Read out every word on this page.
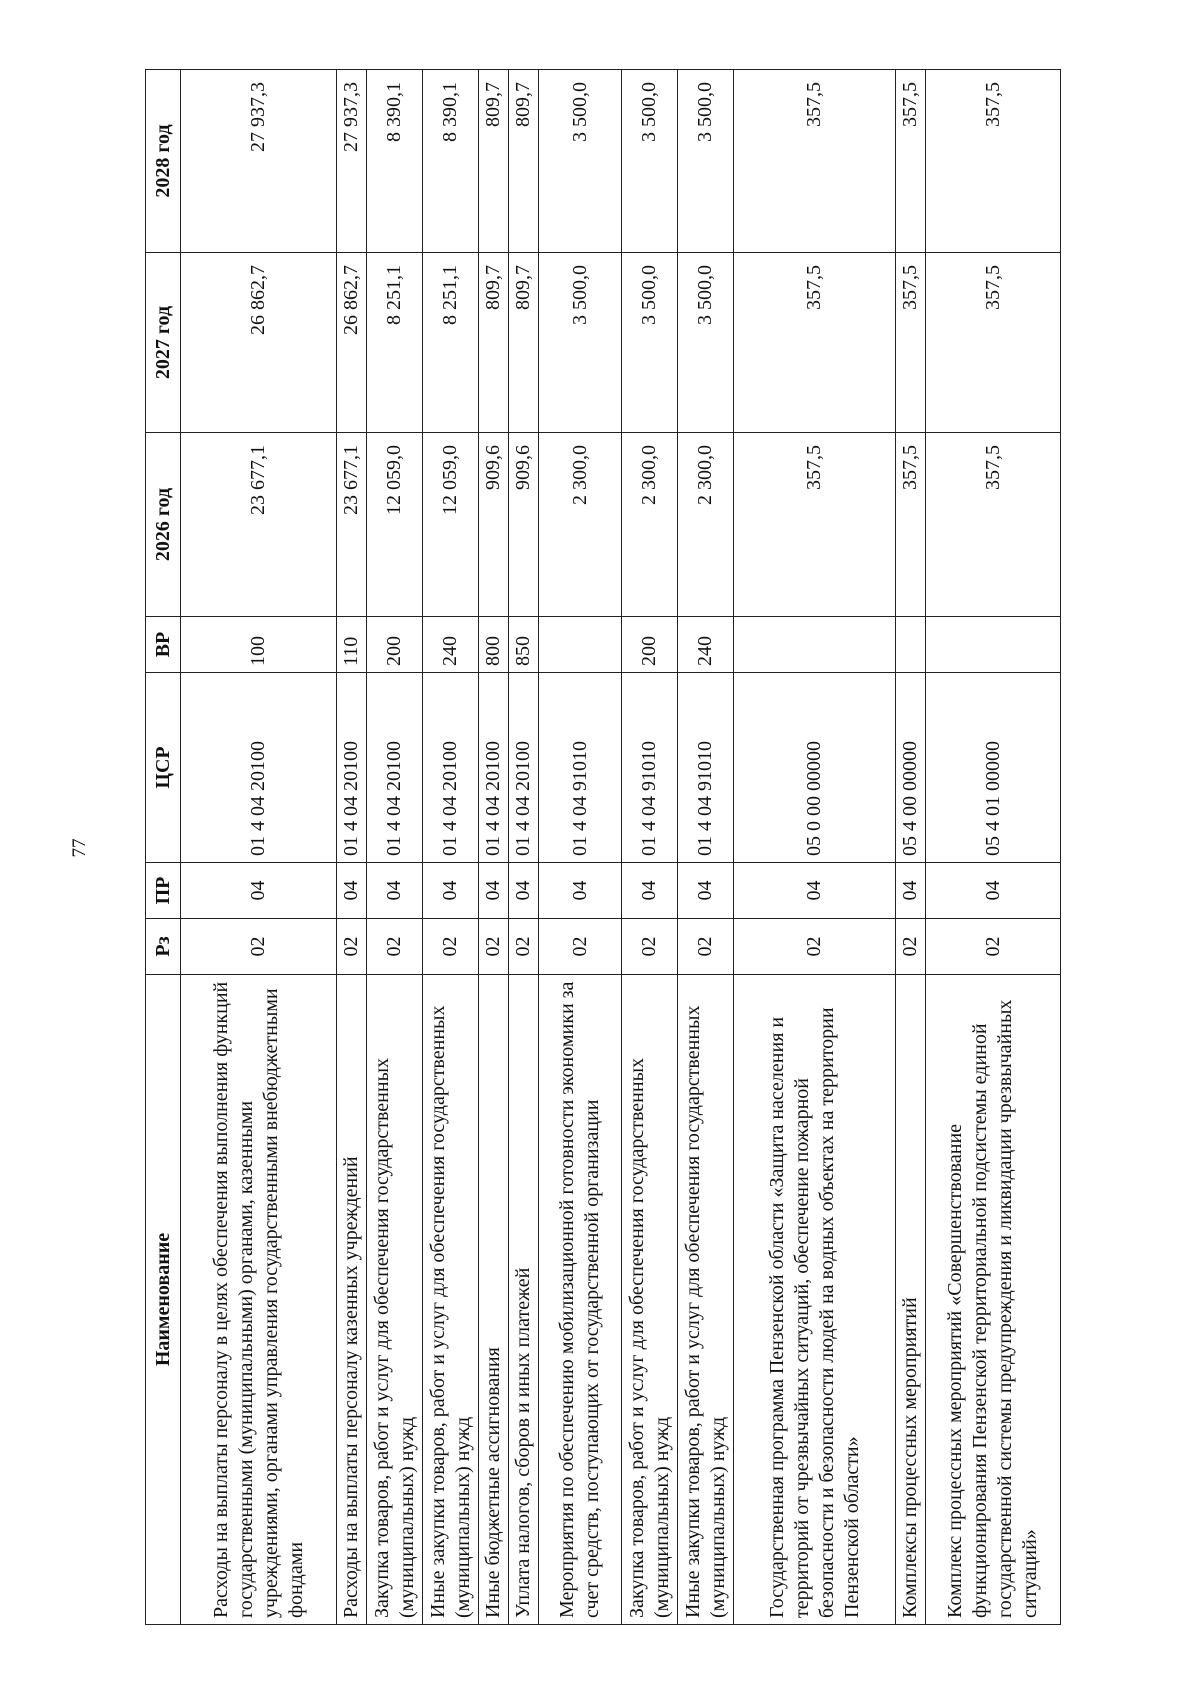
77
Наименование	Рз	ПР	ЦСР	ВР	2026 год	2027 год	2028 год
Расходы на выплаты персоналу в целях обеспечения выполнения функций государственными (муниципальными) органами, казенными учреждениями, органами управления государственными внебюджетными фондами	02	04	01 4 04 20100	100	23 677,1	26 862,7	27 937,3
Расходы на выплаты персоналу казенных учреждений	02	04	01 4 04 20100	110	23 677,1	26 862,7	27 937,3
Закупка товаров, работ и услуг для обеспечения государственных (муниципальных) нужд	02	04	01 4 04 20100	200	12 059,0	8 251,1	8 390,1
Иные закупки товаров, работ и услуг для обеспечения государственных (муниципальных) нужд	02	04	01 4 04 20100	240	12 059,0	8 251,1	8 390,1
Иные бюджетные ассигнования	02	04	01 4 04 20100	800	909,6	809,7	809,7
Уплата налогов, сборов и иных платежей	02	04	01 4 04 20100	850	909,6	809,7	809,7
Мероприятия по обеспечению мобилизационной готовности экономики за счет средств, поступающих от государственной организации	02	04	01 4 04 91010		2 300,0	3 500,0	3 500,0
Закупка товаров, работ и услуг для обеспечения государственных (муниципальных) нужд	02	04	01 4 04 91010	200	2 300,0	3 500,0	3 500,0
Иные закупки товаров, работ и услуг для обеспечения государственных (муниципальных) нужд	02	04	01 4 04 91010	240	2 300,0	3 500,0	3 500,0
Государственная программа Пензенской области «Защита населения и территорий от чрезвычайных ситуаций, обеспечение пожарной безопасности и безопасности людей на водных объектах на территории Пензенской области»	02	04	05 0 00 00000		357,5	357,5	357,5
Комплексы процессных мероприятий	02	04	05 4 00 00000		357,5	357,5	357,5
Комплекс процессных мероприятий «Совершенствование функционирования Пензенской территориальной подсистемы единой государственной системы предупреждения и ликвидации чрезвычайных ситуаций»	02	04	05 4 01 00000		357,5	357,5	357,5
